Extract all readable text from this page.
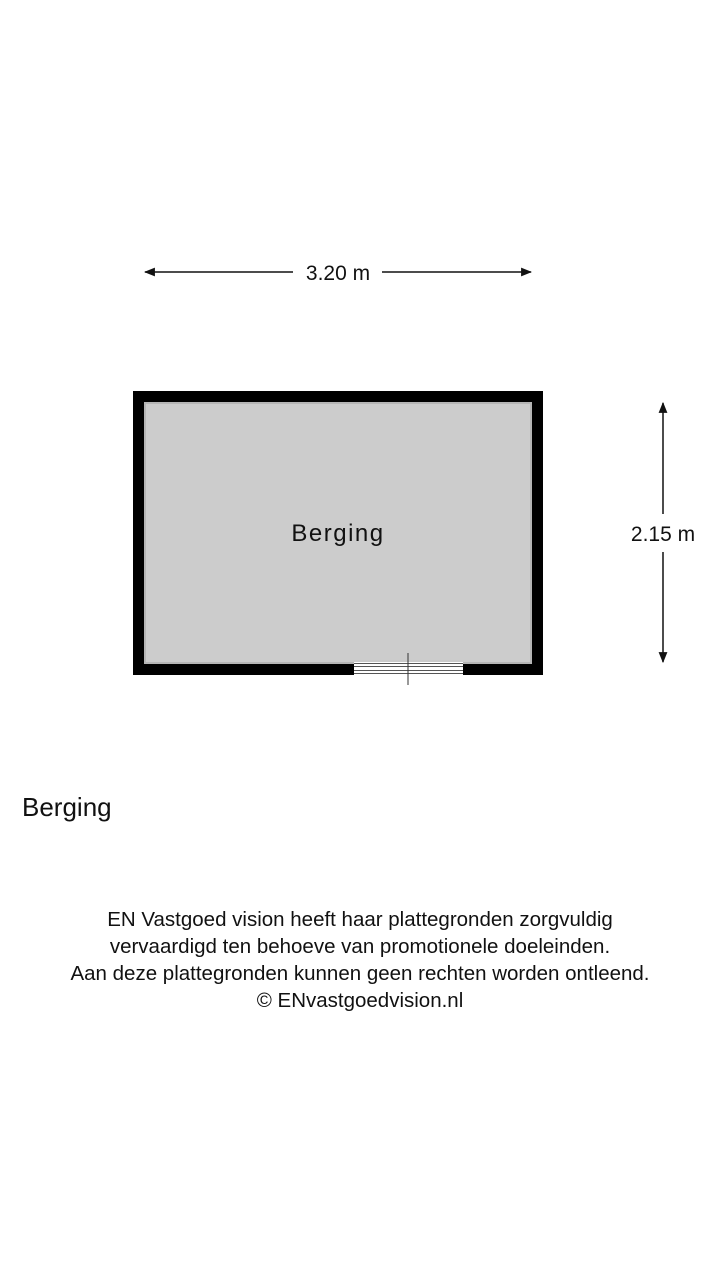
3.20 m
Berging	2.15 m
Berging
EN Vastgoed vision heeft haar plattegronden zorgvuldig
vervaardigd ten behoeve van promotionele doeleinden.
Aan deze plattegronden kunnen geen rechten worden ontleend.
© ENvastgoedvision.nl
